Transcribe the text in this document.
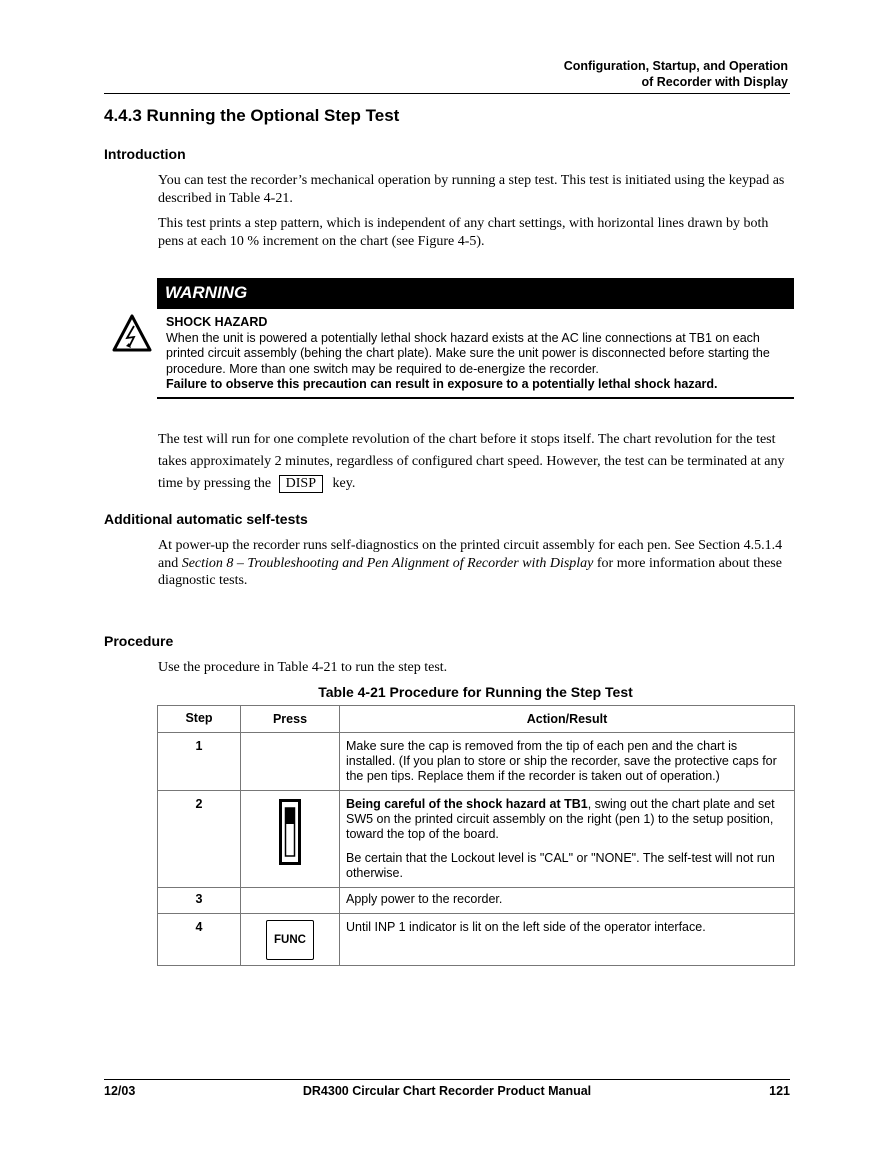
Configuration, Startup, and Operation
of Recorder with Display
4.4.3 Running the Optional Step Test
Introduction

You can test the recorder’s mechanical operation by running a step test. This test is initiated using the keypad as described in Table 4-21.

This test prints a step pattern, which is independent of any chart settings, with horizontal lines drawn by both pens at each 10 % increment on the chart (see Figure 4-5).

WARNING
SHOCK HAZARD
When the unit is powered a potentially lethal shock hazard exists at the AC line connections at TB1 on each printed circuit assembly (behing the chart plate). Make sure the unit power is disconnected before starting the procedure. More than one switch may be required to de-energize the recorder.
Failure to observe this precaution can result in exposure to a potentially lethal shock hazard.
The test will run for one complete revolution of the chart before it stops itself. The chart revolution for the test takes approximately 2 minutes, regardless of configured chart speed. However, the test can be terminated at any time by pressing the DISP key.
Additional automatic self-tests
At power-up the recorder runs self-diagnostics on the printed circuit assembly for each pen. See Section 4.5.1.4 and Section 8 – Troubleshooting and Pen Alignment of Recorder with Display for more information about these diagnostic tests.
Procedure
Use the procedure in Table 4-21 to run the step test.
Table 4-21 Procedure for Running the Step Test
Step	Press	Action/Result
1		Make sure the cap is removed from the tip of each pen and the chart is installed. (If you plan to store or ship the recorder, save the protective caps for the pen tips. Replace them if the recorder is taken out of operation.)

2		Being careful of the shock hazard at TB1, swing out the chart plate and set SW5 on the printed circuit assembly on the right (pen 1) to the setup position, toward the top of the board.

Be certain that the Lockout level is "CAL" or "NONE". The self-test will not run otherwise.

3		Apply power to the recorder.

4	FUNC	Until INP 1 indicator is lit on the left side of the operator interface.

12/03	DR4300 Circular Chart Recorder Product Manual	121
